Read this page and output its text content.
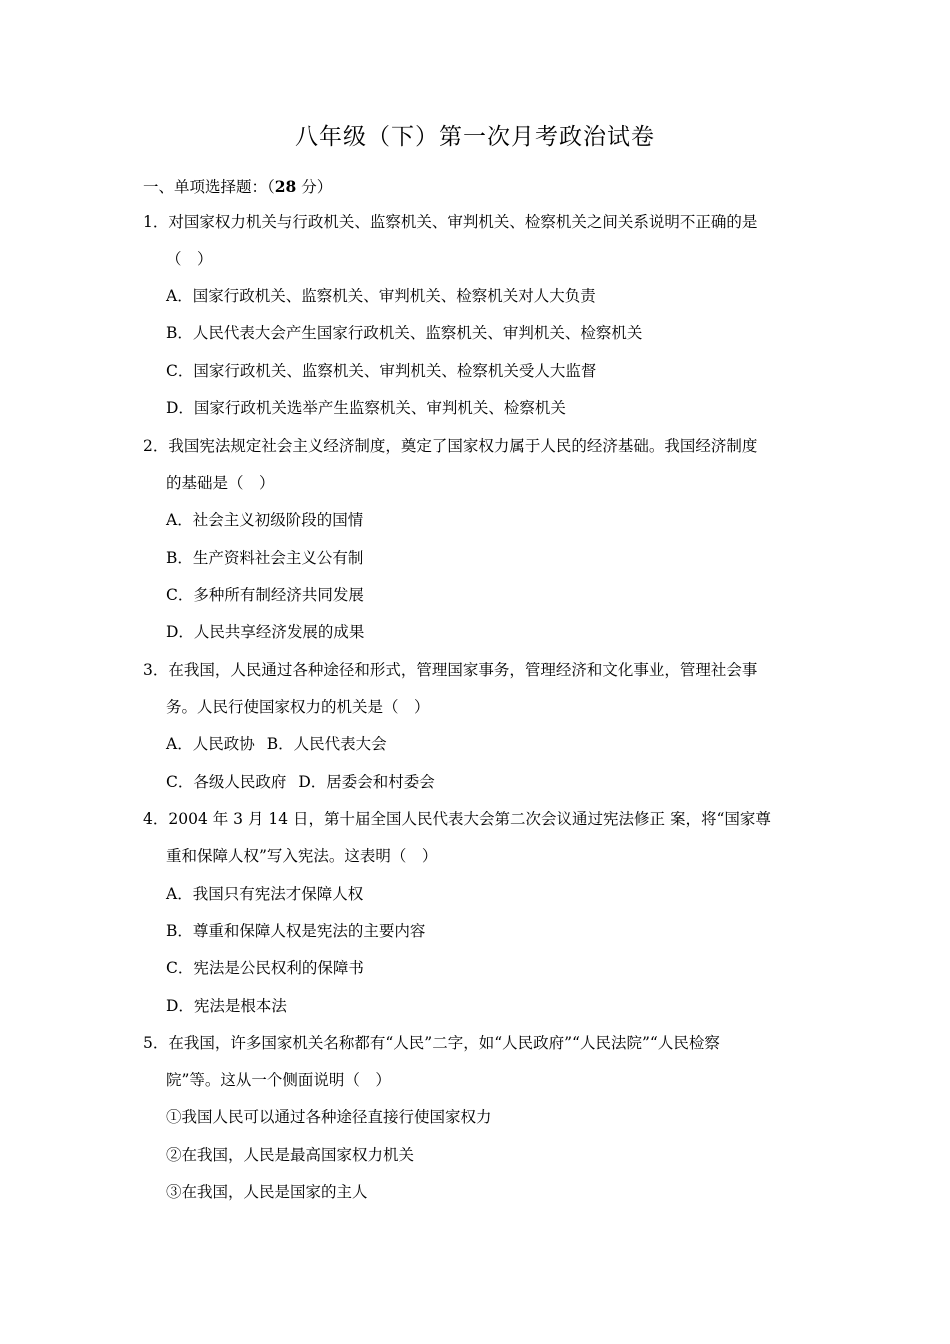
八年级（下）第一次月考政治试卷
一、单项选择题：（28 分）
1．对国家权力机关与行政机关、监察机关、审判机关、检察机关之间关系说明不正确的是
（　）
A．国家行政机关、监察机关、审判机关、检察机关对人大负责
B．人民代表大会产生国家行政机关、监察机关、审判机关、检察机关
C．国家行政机关、监察机关、审判机关、检察机关受人大监督
D．国家行政机关选举产生监察机关、审判机关、检察机关
2．我国宪法规定社会主义经济制度，奠定了国家权力属于人民的经济基础。我国经济制度
的基础是（　）
A．社会主义初级阶段的国情
B．生产资料社会主义公有制
C．多种所有制经济共同发展
D．人民共享经济发展的成果
3．在我国，人民通过各种途径和形式，管理国家事务，管理经济和文化事业，管理社会事
务。人民行使国家权力的机关是（　）
A．人民政协 B．人民代表大会
C．各级人民政府 D．居委会和村委会
4．2004 年 3 月 14 日，第十届全国人民代表大会第二次会议通过宪法修正 案，将“国家尊
重和保障人权”写入宪法。这表明（　）
A．我国只有宪法才保障人权
B．尊重和保障人权是宪法的主要内容
C．宪法是公民权利的保障书
D．宪法是根本法
5．在我国，许多国家机关名称都有“人民”二字，如“人民政府”“人民法院”“人民检察
院”等。这从一个侧面说明（　）
①我国人民可以通过各种途径直接行使国家权力
②在我国，人民是最高国家权力机关
③在我国，人民是国家的主人
